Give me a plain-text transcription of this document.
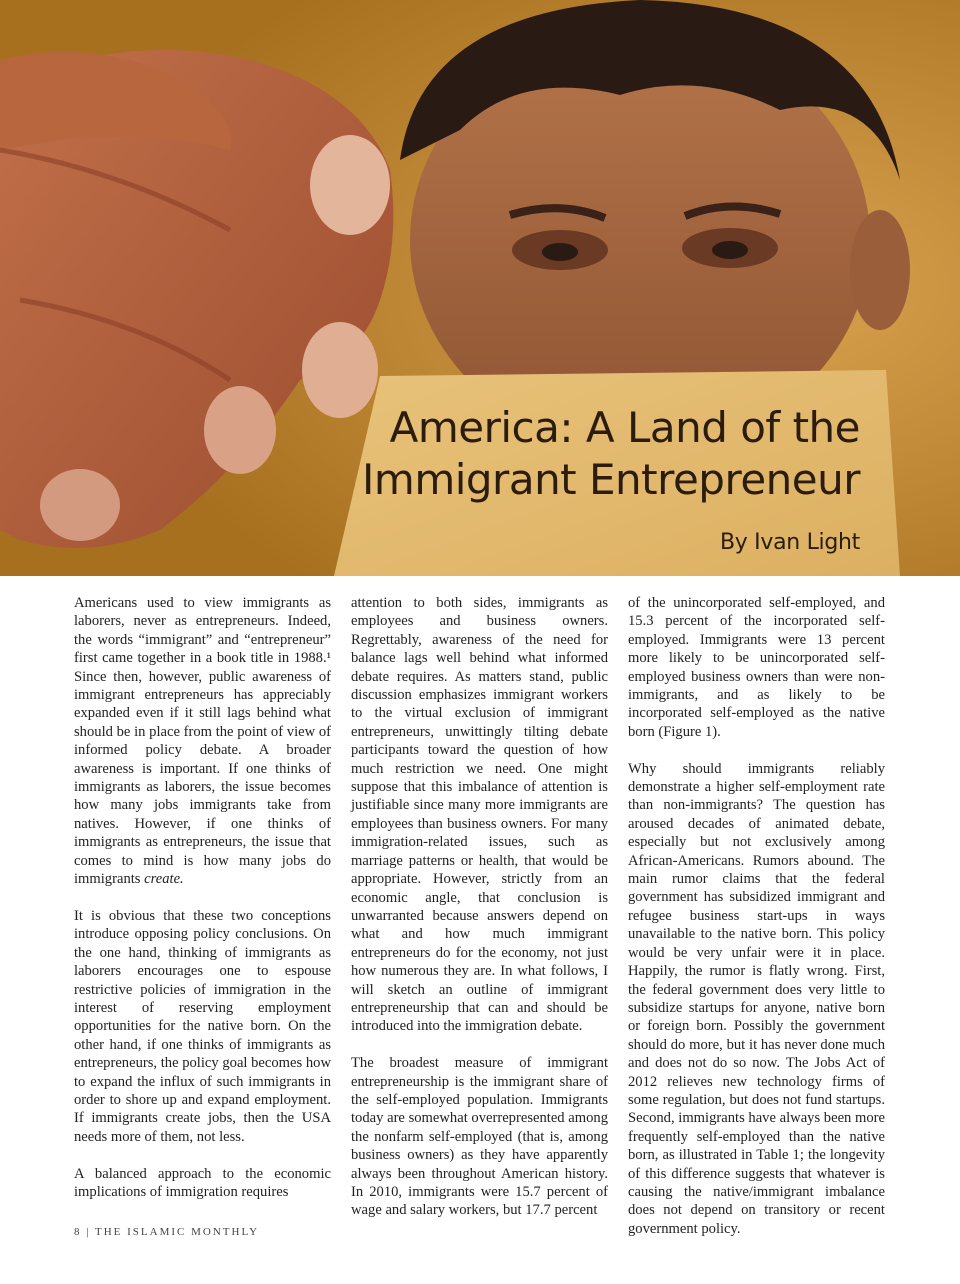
America: A Land of the
Immigrant Entrepreneur
By Ivan Light

Americans used to view immigrants as laborers, never as entrepreneurs. Indeed, the words “immigrant” and “entrepreneur” first came together in a book title in 1988.¹ Since then, however, public awareness of immigrant entrepreneurs has appreciably expanded even if it still lags behind what should be in place from the point of view of informed policy debate. A broader awareness is important. If one thinks of immigrants as laborers, the issue becomes how many jobs immigrants take from natives. However, if one thinks of immigrants as entrepreneurs, the issue that comes to mind is how many jobs do immigrants create.

It is obvious that these two conceptions introduce opposing policy conclusions. On the one hand, thinking of immigrants as laborers encourages one to espouse restrictive policies of immigration in the interest of reserving employment opportunities for the native born. On the other hand, if one thinks of immigrants as entrepreneurs, the policy goal becomes how to expand the influx of such immigrants in order to shore up and expand employment. If immigrants create jobs, then the USA needs more of them, not less.

A balanced approach to the economic implications of immigration requires

attention to both sides, immigrants as employees and business owners. Regrettably, awareness of the need for balance lags well behind what informed debate requires. As matters stand, public discussion emphasizes immigrant workers to the virtual exclusion of immigrant entrepreneurs, unwittingly tilting debate participants toward the question of how much restriction we need. One might suppose that this imbalance of attention is justifiable since many more immigrants are employees than business owners. For many immigration-related issues, such as marriage patterns or health, that would be appropriate. However, strictly from an economic angle, that conclusion is unwarranted because answers depend on what and how much immigrant entrepreneurs do for the economy, not just how numerous they are. In what follows, I will sketch an outline of immigrant entrepreneurship that can and should be introduced into the immigration debate.

The broadest measure of immigrant entrepreneurship is the immigrant share of the self-employed population. Immigrants today are somewhat overrepresented among the nonfarm self-employed (that is, among business owners) as they have apparently always been throughout American history. In 2010, immigrants were 15.7 percent of wage and salary workers, but 17.7 percent

of the unincorporated self-employed, and 15.3 percent of the incorporated self-employed. Immigrants were 13 percent more likely to be unincorporated self-employed business owners than were non-immigrants, and as likely to be incorporated self-employed as the native born (Figure 1).

Why should immigrants reliably demonstrate a higher self-employment rate than non-immigrants? The question has aroused decades of animated debate, especially but not exclusively among African-Americans. Rumors abound. The main rumor claims that the federal government has subsidized immigrant and refugee business start-ups in ways unavailable to the native born. This policy would be very unfair were it in place. Happily, the rumor is flatly wrong. First, the federal government does very little to subsidize startups for anyone, native born or foreign born. Possibly the government should do more, but it has never done much and does not do so now. The Jobs Act of 2012 relieves new technology firms of some regulation, but does not fund startups. Second, immigrants have always been more frequently self-employed than the native born, as illustrated in Table 1; the longevity of this difference suggests that whatever is causing the native/immigrant imbalance does not depend on transitory or recent government policy.

8 | THE ISLAMIC MONTHLY
